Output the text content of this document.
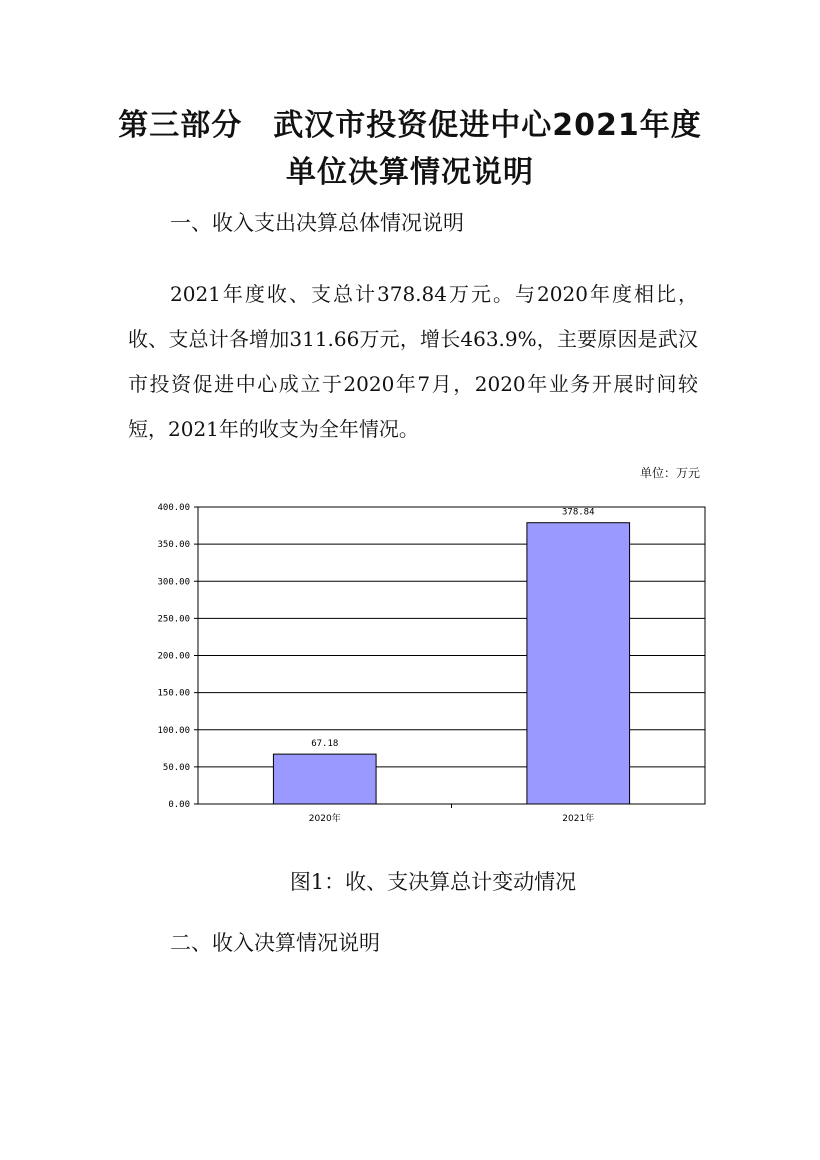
第三部分　武汉市投资促进中心2021年度
单位决算情况说明
一、收入支出决算总体情况说明
2021年度收、支总计378.84万元。与2020年度相比，收、支总计各增加311.66万元，增长463.9%，主要原因是武汉市投资促进中心成立于2020年7月，2020年业务开展时间较短，2021年的收支为全年情况。
单位：万元
0.00
50.00
100.00
150.00
200.00
250.00
300.00
350.00
400.00
67.18
2020年
378.84
2021年
图1：收、支决算总计变动情况
二、收入决算情况说明
